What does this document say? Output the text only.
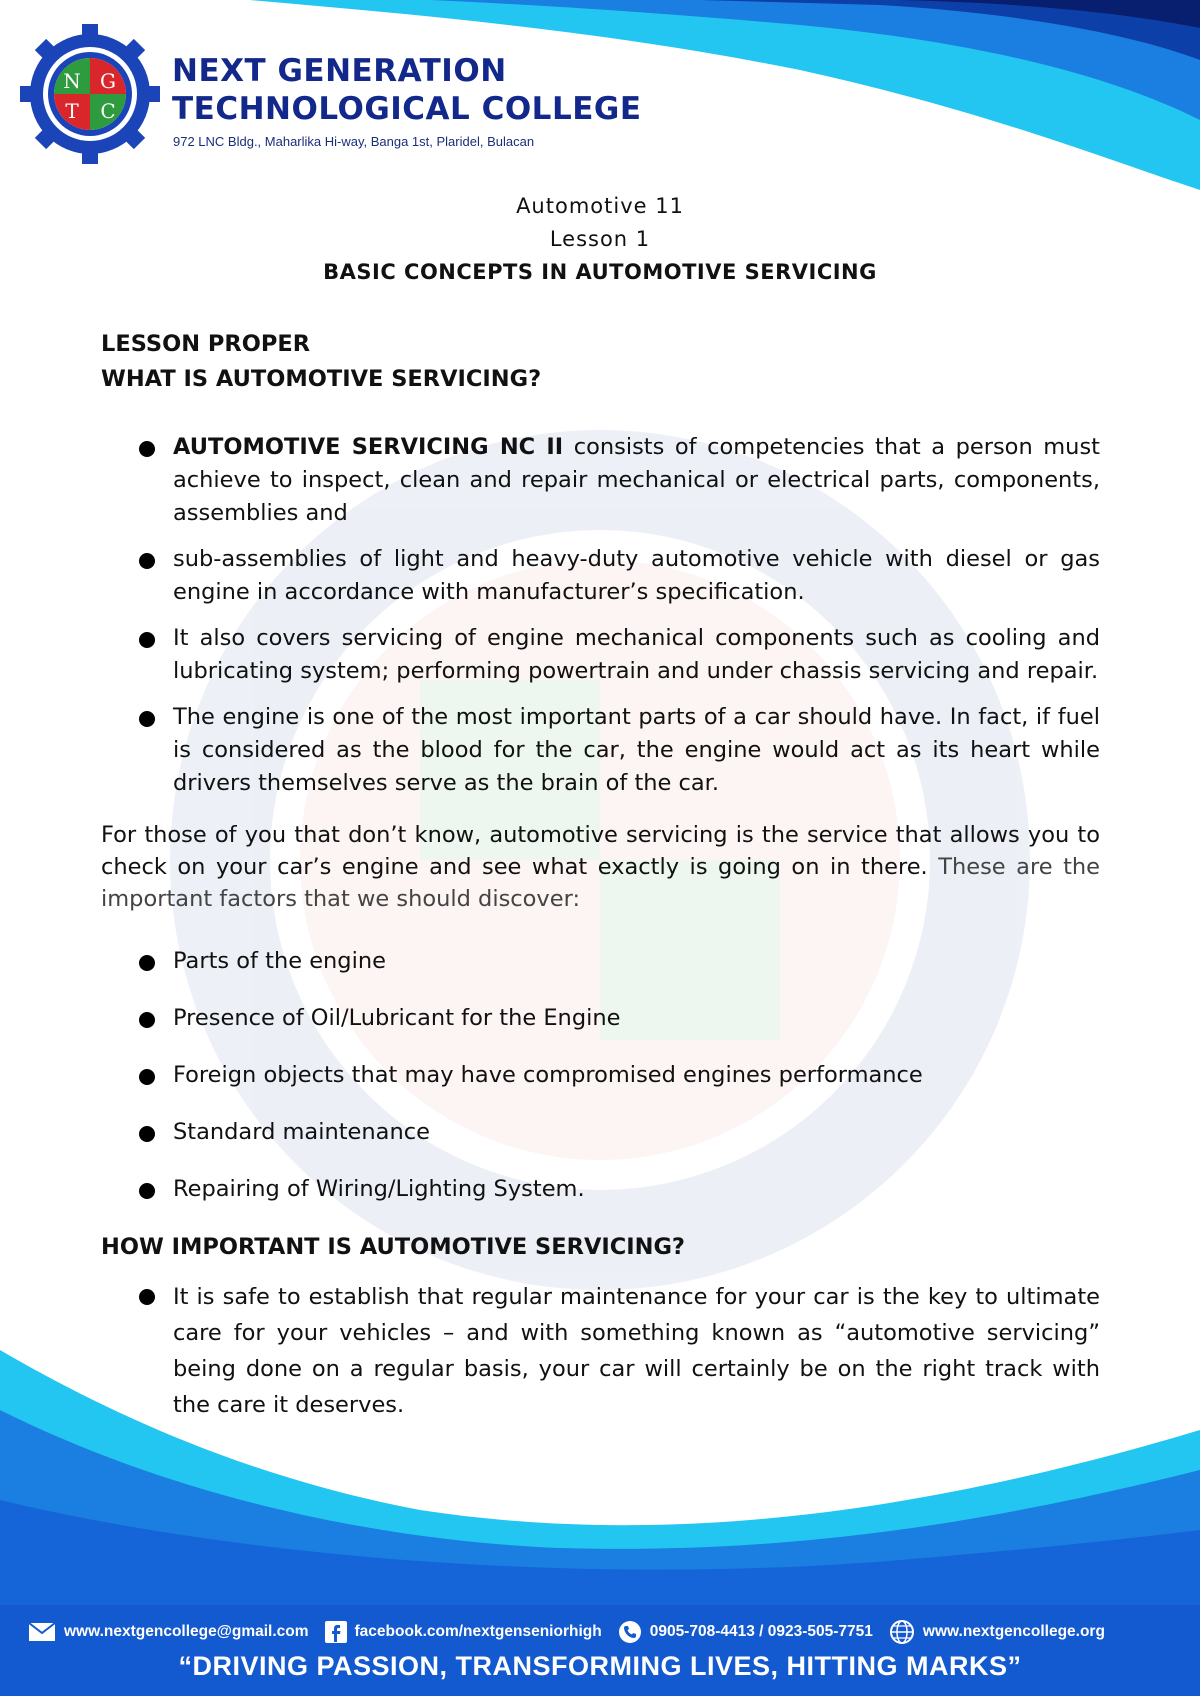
N G
T C
NEXT GENERATION
TECHNOLOGICAL COLLEGE
972 LNC Bldg., Maharlika Hi-way, Banga 1st, Plaridel, Bulacan
Automotive 11
Lesson 1
BASIC CONCEPTS IN AUTOMOTIVE SERVICING

LESSON PROPER

WHAT IS AUTOMOTIVE SERVICING?

AUTOMOTIVE SERVICING NC II consists of competencies that a person must achieve to inspect, clean and repair mechanical or electrical parts, components, assemblies and
sub-assemblies of light and heavy-duty automotive vehicle with diesel or gas engine in accordance with manufacturer’s specification.
It also covers servicing of engine mechanical components such as cooling and lubricating system; performing powertrain and under chassis servicing and repair.
The engine is one of the most important parts of a car should have. In fact, if fuel is considered as the blood for the car, the engine would act as its heart while drivers themselves serve as the brain of the car.

For those of you that don’t know, automotive servicing is the service that allows you to check on your car’s engine and see what exactly is going on in there. These are the important factors that we should discover:

Parts of the engine
Presence of Oil/Lubricant for the Engine
Foreign objects that may have compromised engines performance
Standard maintenance
Repairing of Wiring/Lighting System.

HOW IMPORTANT IS AUTOMOTIVE SERVICING?

It is safe to establish that regular maintenance for your car is the key to ultimate care for your vehicles – and with something known as “automotive servicing” being done on a regular basis, your car will certainly be on the right track with the care it deserves.
www.nextgencollege@gmail.com	facebook.com/nextgenseniorhigh	0905-708-4413 / 0923-505-7751	www.nextgencollege.org
“DRIVING PASSION, TRANSFORMING LIVES, HITTING MARKS”
